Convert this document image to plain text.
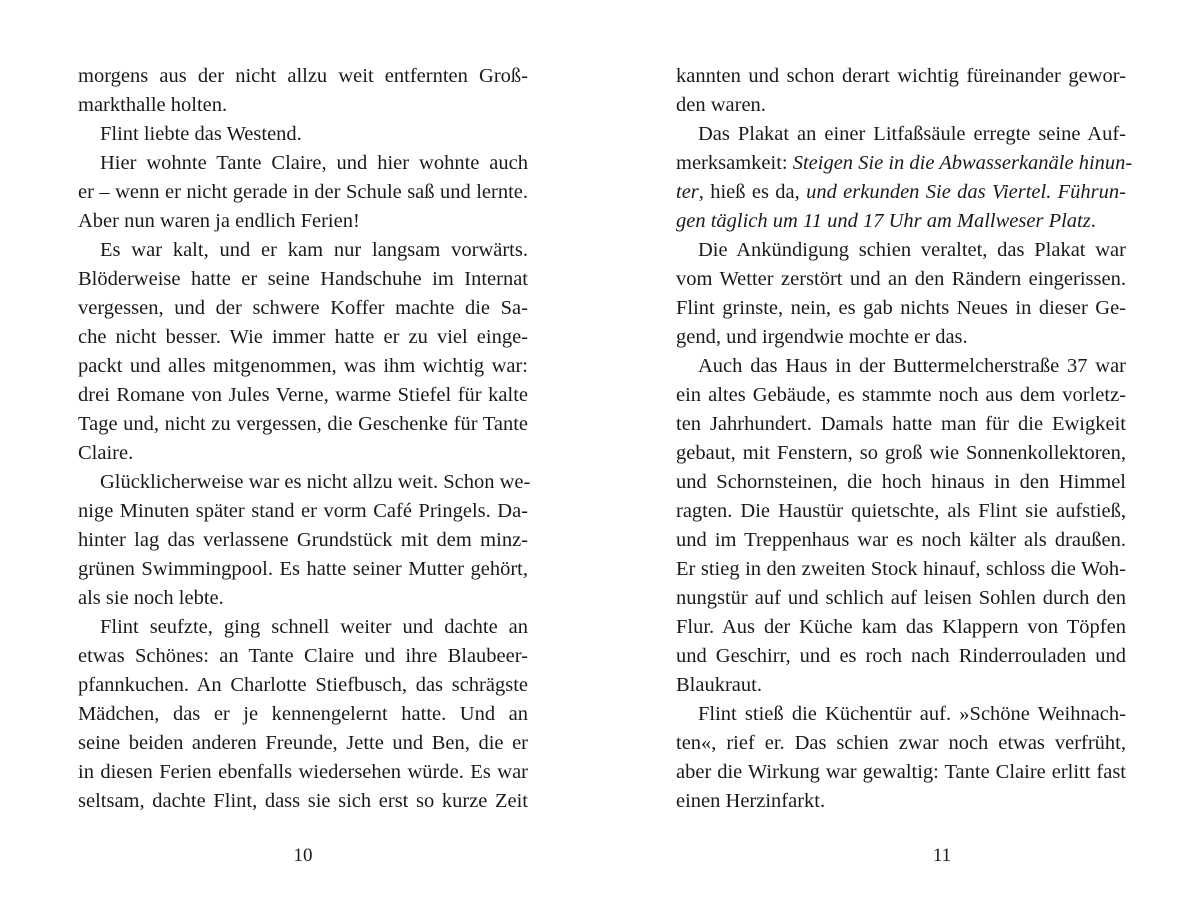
morgens aus der nicht allzu weit entfernten Groß-
markthalle holten.
Flint liebte das Westend.
Hier wohnte Tante Claire, und hier wohnte auch
er – wenn er nicht gerade in der Schule saß und lernte.
Aber nun waren ja endlich Ferien!
Es war kalt, und er kam nur langsam vorwärts.
Blöderweise hatte er seine Handschuhe im Internat
vergessen, und der schwere Koffer machte die Sa-
che nicht besser. Wie immer hatte er zu viel einge-
packt und alles mitgenommen, was ihm wichtig war:
drei Romane von Jules Verne, warme Stiefel für kalte
Tage und, nicht zu vergessen, die Geschenke für Tante
Claire.
Glücklicherweise war es nicht allzu weit. Schon we-
nige Minuten später stand er vorm Café Pringels. Da-
hinter lag das verlassene Grundstück mit dem minz-
grünen Swimmingpool. Es hatte seiner Mutter gehört,
als sie noch lebte.
Flint seufzte, ging schnell weiter und dachte an
etwas Schönes: an Tante Claire und ihre Blaubeer-
pfannkuchen. An Charlotte Stiefbusch, das schrägste
Mädchen, das er je kennengelernt hatte. Und an
seine beiden anderen Freunde, Jette und Ben, die er
in diesen Ferien ebenfalls wiedersehen würde. Es war
seltsam, dachte Flint, dass sie sich erst so kurze Zeit
kannten und schon derart wichtig füreinander gewor-
den waren.
Das Plakat an einer Litfaßsäule erregte seine Auf-
merksamkeit: Steigen Sie in die Abwasserkanäle hinun-
ter, hieß es da, und erkunden Sie das Viertel. Führun-
gen täglich um 11 und 17 Uhr am Mallweser Platz.
Die Ankündigung schien veraltet, das Plakat war
vom Wetter zerstört und an den Rändern eingerissen.
Flint grinste, nein, es gab nichts Neues in dieser Ge-
gend, und irgendwie mochte er das.
Auch das Haus in der Buttermelcherstraße 37 war
ein altes Gebäude, es stammte noch aus dem vorletz-
ten Jahrhundert. Damals hatte man für die Ewigkeit
gebaut, mit Fenstern, so groß wie Sonnenkollektoren,
und Schornsteinen, die hoch hinaus in den Himmel
ragten. Die Haustür quietschte, als Flint sie aufstieß,
und im Treppenhaus war es noch kälter als draußen.
Er stieg in den zweiten Stock hinauf, schloss die Woh-
nungstür auf und schlich auf leisen Sohlen durch den
Flur. Aus der Küche kam das Klappern von Töpfen
und Geschirr, und es roch nach Rinderrouladen und
Blaukraut.
Flint stieß die Küchentür auf. »Schöne Weihnach-
ten«, rief er. Das schien zwar noch etwas verfrüht,
aber die Wirkung war gewaltig: Tante Claire erlitt fast
einen Herzinfarkt.
10	11
